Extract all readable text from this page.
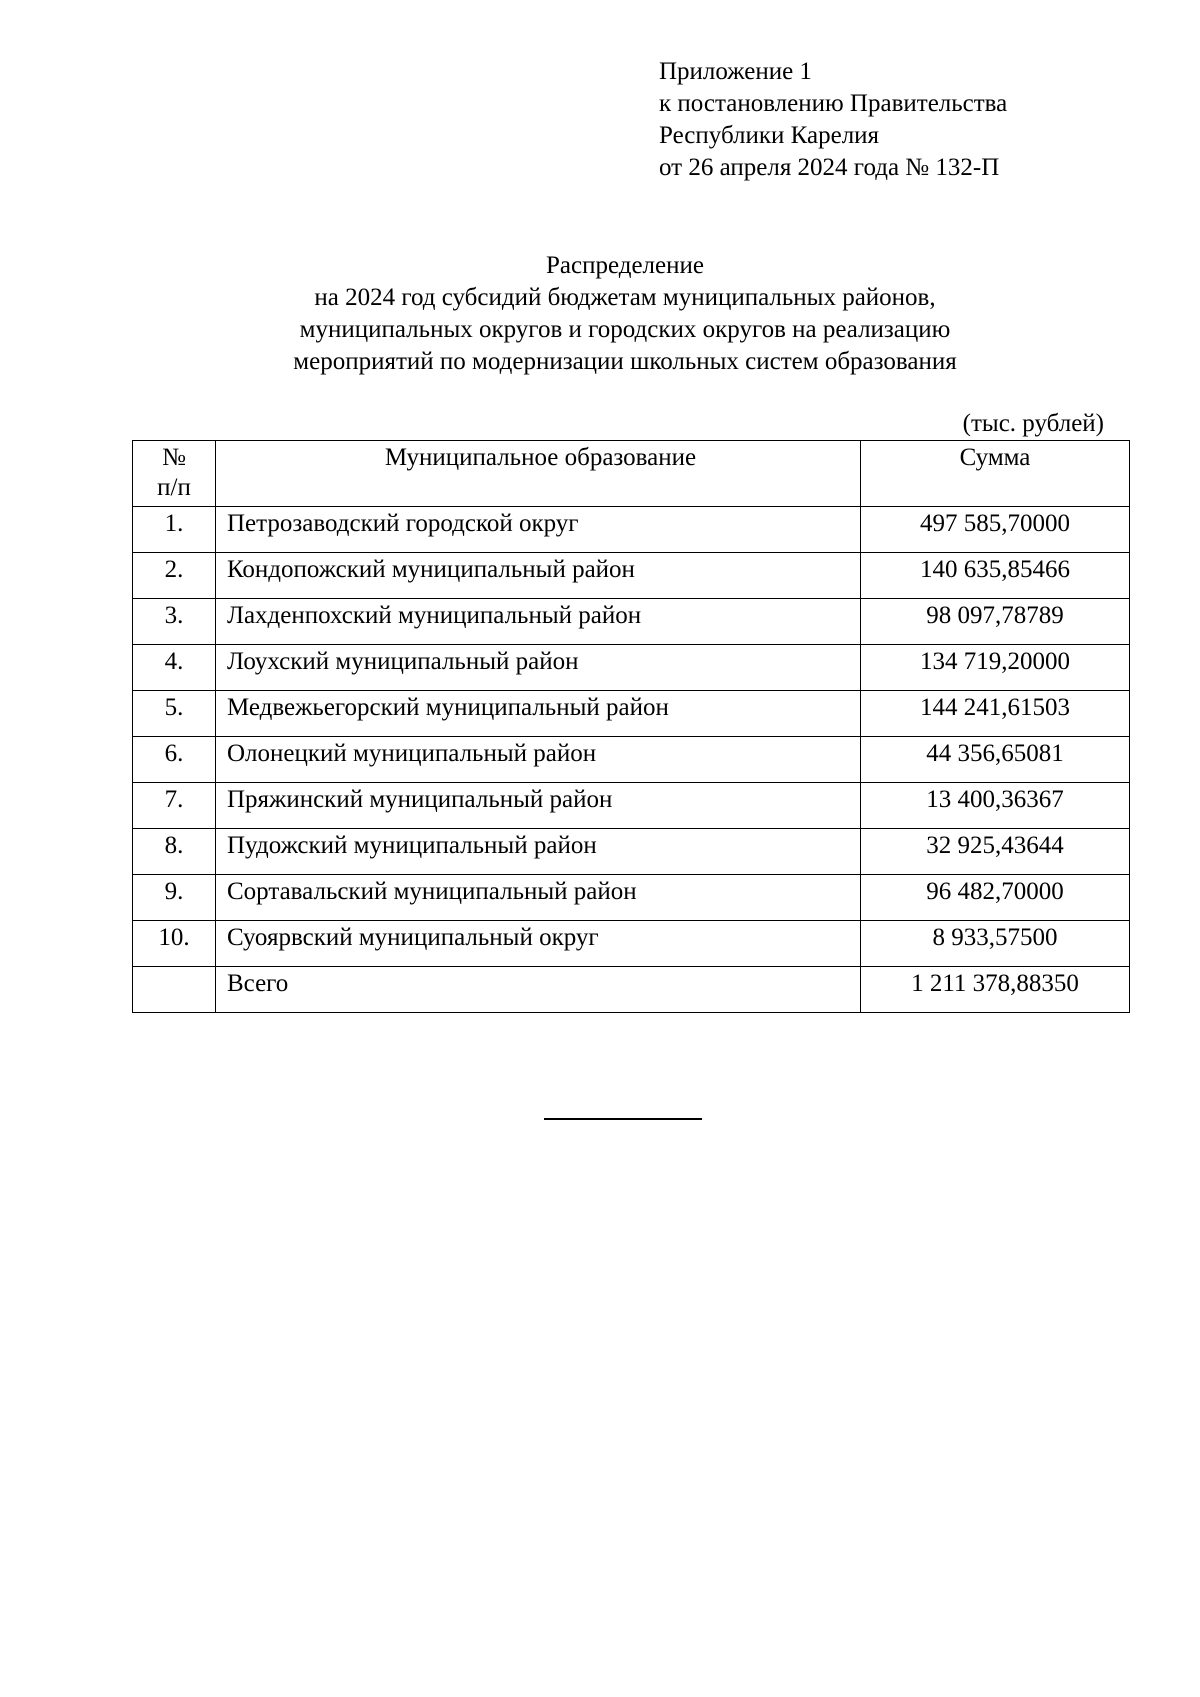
Приложение 1
к постановлению Правительства
Республики Карелия
от 26 апреля 2024 года № 132-П
Распределение
на 2024 год субсидий бюджетам муниципальных районов,
муниципальных округов и городских округов на реализацию
мероприятий по модернизации школьных систем образования
(тыс. рублей)
№
п/п	Муниципальное образование	Сумма
1.	Петрозаводский городской округ	497 585,70000
2.	Кондопожский муниципальный район	140 635,85466
3.	Лахденпохский муниципальный район	98 097,78789
4.	Лоухский муниципальный район	134 719,20000
5.	Медвежьегорский муниципальный район	144 241,61503
6.	Олонецкий муниципальный район	44 356,65081
7.	Пряжинский муниципальный район	13 400,36367
8.	Пудожский муниципальный район	32 925,43644
9.	Сортавальский муниципальный район	96 482,70000
10.	Суоярвский муниципальный округ	8 933,57500
	Всего	1 211 378,88350
